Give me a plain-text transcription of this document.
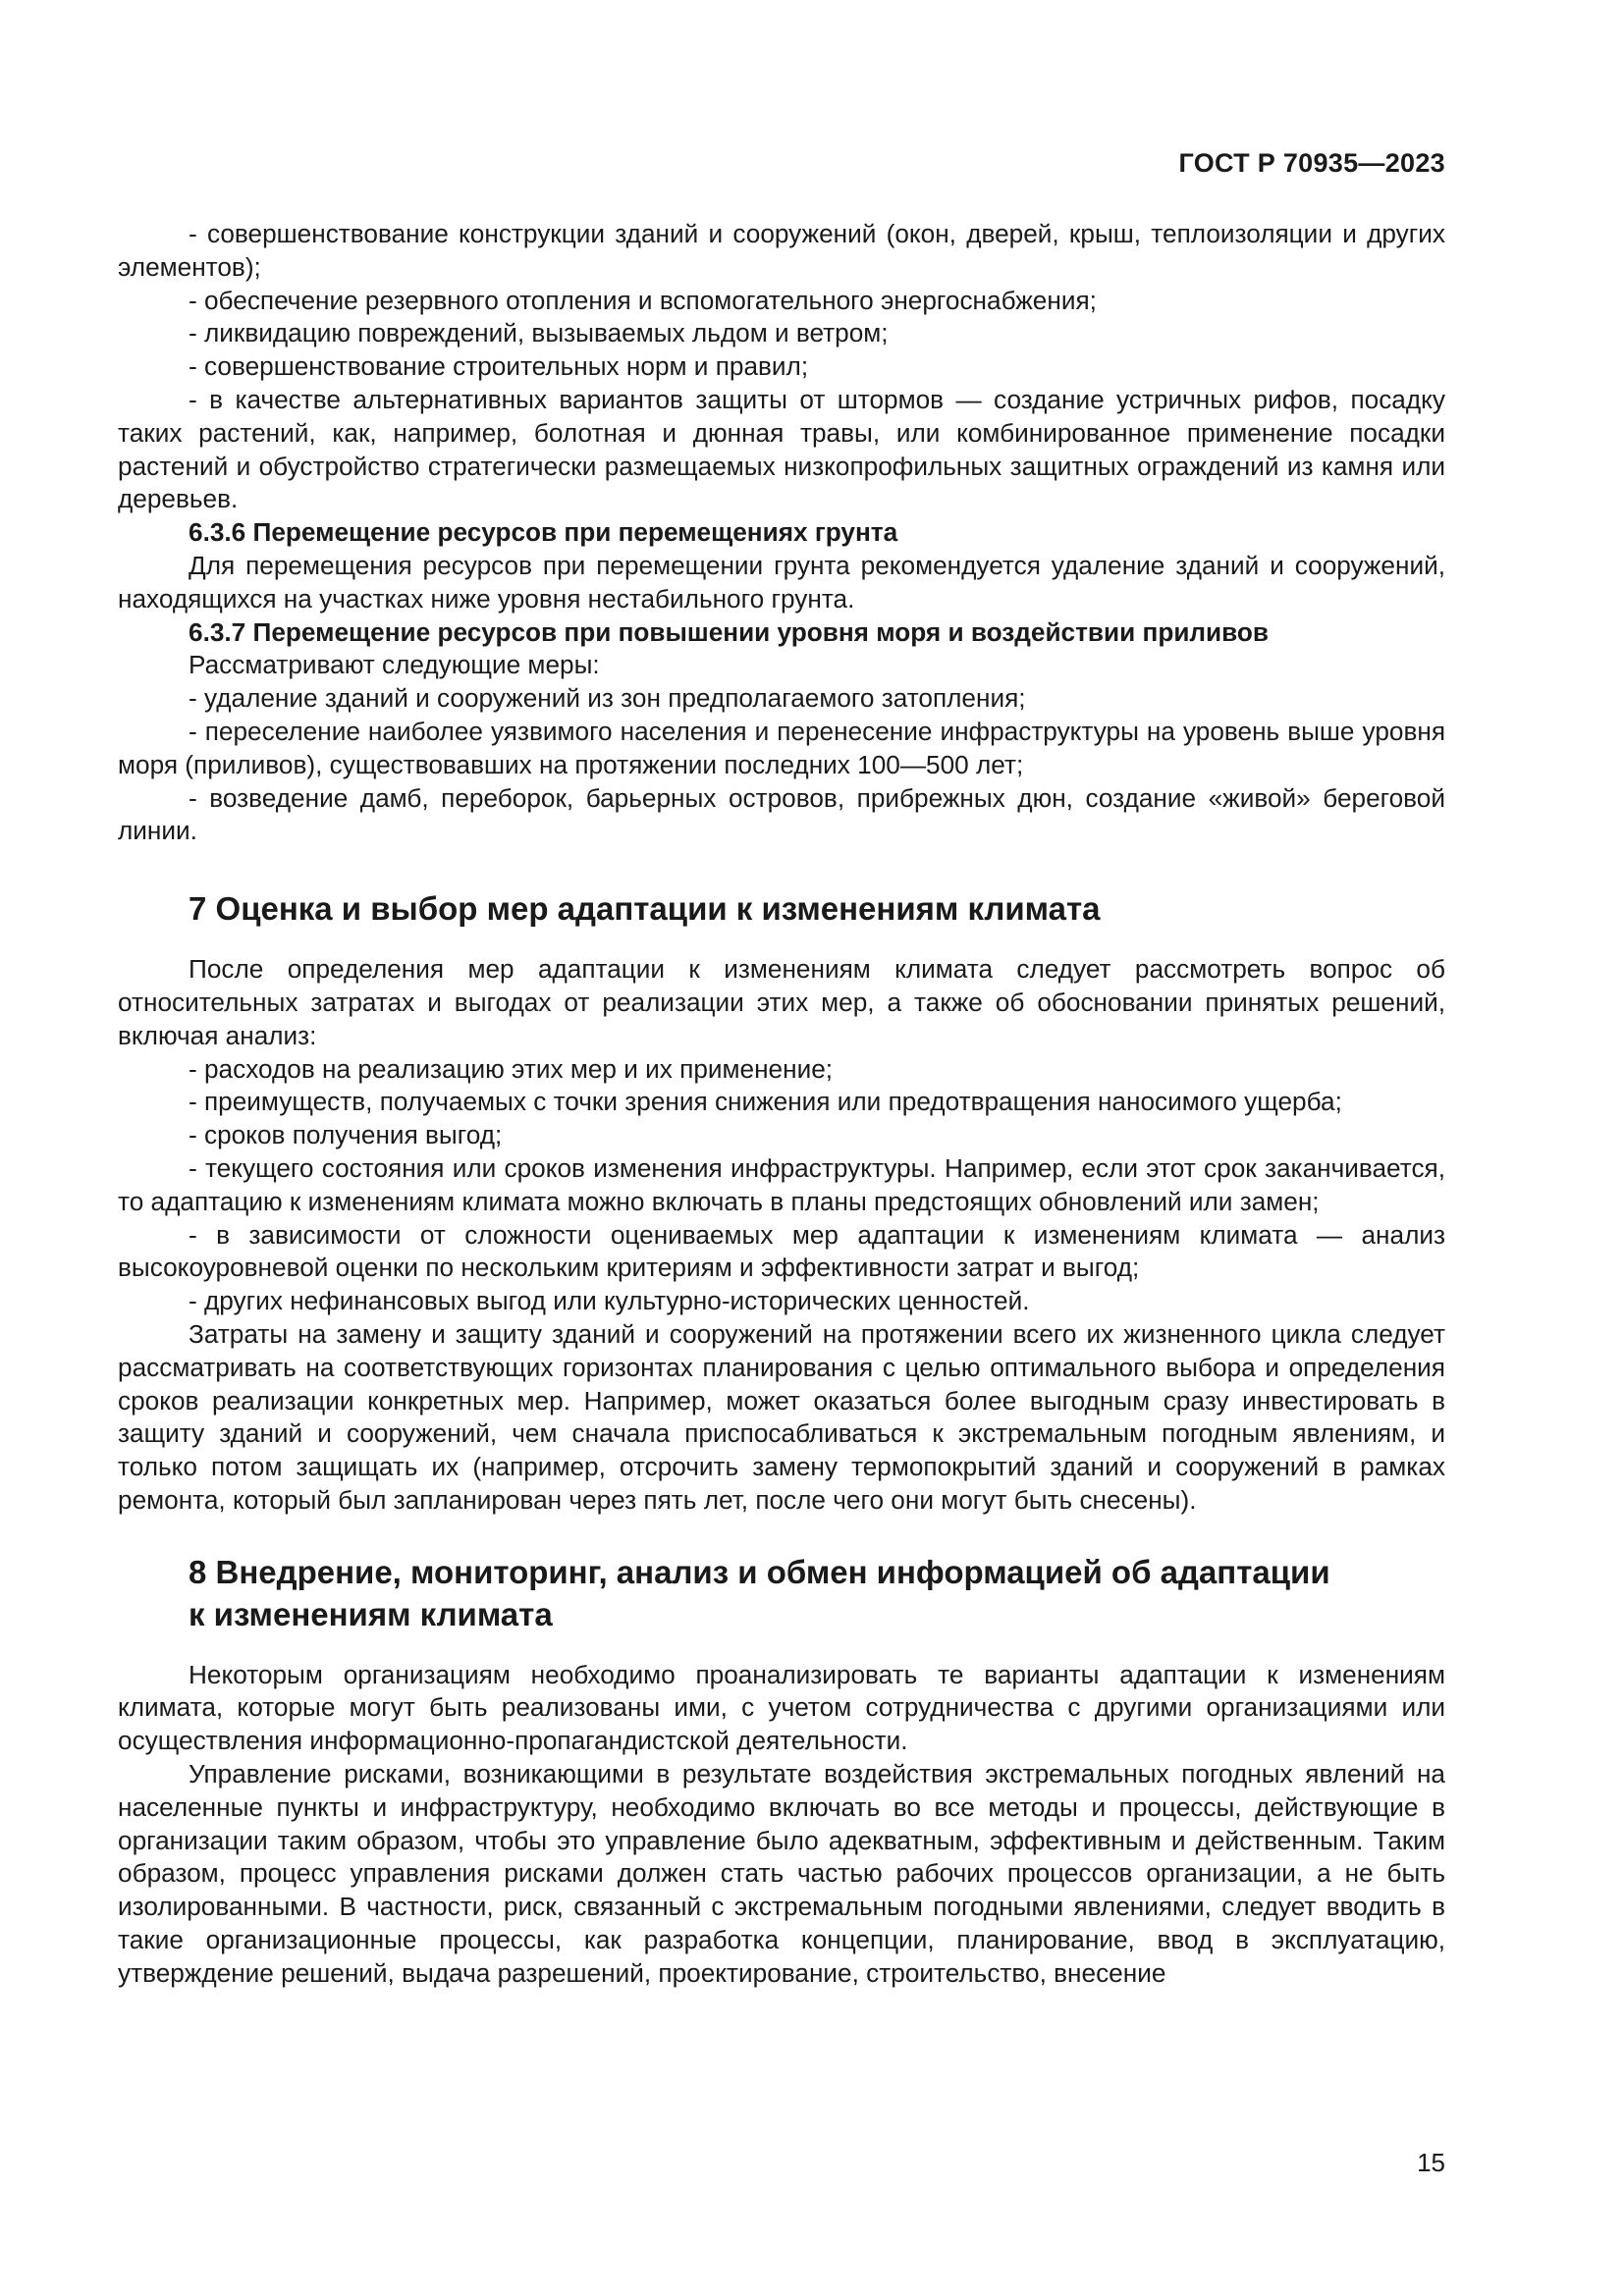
ГОСТ Р 70935—2023

- совершенствование конструкции зданий и сооружений (окон, дверей, крыш, теплоизоляции и других элементов);

- обеспечение резервного отопления и вспомогательного энергоснабжения;

- ликвидацию повреждений, вызываемых льдом и ветром;

- совершенствование строительных норм и правил;

- в качестве альтернативных вариантов защиты от штормов — создание устричных рифов, посадку таких растений, как, например, болотная и дюнная травы, или комбинированное применение посадки растений и обустройство стратегически размещаемых низкопрофильных защитных ограждений из камня или деревьев.

6.3.6 Перемещение ресурсов при перемещениях грунта

Для перемещения ресурсов при перемещении грунта рекомендуется удаление зданий и сооружений, находящихся на участках ниже уровня нестабильного грунта.

6.3.7 Перемещение ресурсов при повышении уровня моря и воздействии приливов

Рассматривают следующие меры:

- удаление зданий и сооружений из зон предполагаемого затопления;

- переселение наиболее уязвимого населения и перенесение инфраструктуры на уровень выше уровня моря (приливов), существовавших на протяжении последних 100—500 лет;

- возведение дамб, переборок, барьерных островов, прибрежных дюн, создание «живой» береговой линии.

7 Оценка и выбор мер адаптации к изменениям климата

После определения мер адаптации к изменениям климата следует рассмотреть вопрос об относительных затратах и выгодах от реализации этих мер, а также об обосновании принятых решений, включая анализ:

- расходов на реализацию этих мер и их применение;

- преимуществ, получаемых с точки зрения снижения или предотвращения наносимого ущерба;

- сроков получения выгод;

- текущего состояния или сроков изменения инфраструктуры. Например, если этот срок заканчивается, то адаптацию к изменениям климата можно включать в планы предстоящих обновлений или замен;

- в зависимости от сложности оцениваемых мер адаптации к изменениям климата — анализ высокоуровневой оценки по нескольким критериям и эффективности затрат и выгод;

- других нефинансовых выгод или культурно-исторических ценностей.

Затраты на замену и защиту зданий и сооружений на протяжении всего их жизненного цикла следует рассматривать на соответствующих горизонтах планирования с целью оптимального выбора и определения сроков реализации конкретных мер. Например, может оказаться более выгодным сразу инвестировать в защиту зданий и сооружений, чем сначала приспосабливаться к экстремальным погодным явлениям, и только потом защищать их (например, отсрочить замену термопокрытий зданий и сооружений в рамках ремонта, который был запланирован через пять лет, после чего они могут быть снесены).

8 Внедрение, мониторинг, анализ и обмен информацией об адаптации
к изменениям климата

Некоторым организациям необходимо проанализировать те варианты адаптации к изменениям климата, которые могут быть реализованы ими, с учетом сотрудничества с другими организациями или осуществления информационно-пропагандистской деятельности.

Управление рисками, возникающими в результате воздействия экстремальных погодных явлений на населенные пункты и инфраструктуру, необходимо включать во все методы и процессы, действующие в организации таким образом, чтобы это управление было адекватным, эффективным и действенным. Таким образом, процесс управления рисками должен стать частью рабочих процессов организации, а не быть изолированными. В частности, риск, связанный с экстремальным погодными явлениями, следует вводить в такие организационные процессы, как разработка концепции, планирование, ввод в эксплуатацию, утверждение решений, выдача разрешений, проектирование, строительство, внесение

15
